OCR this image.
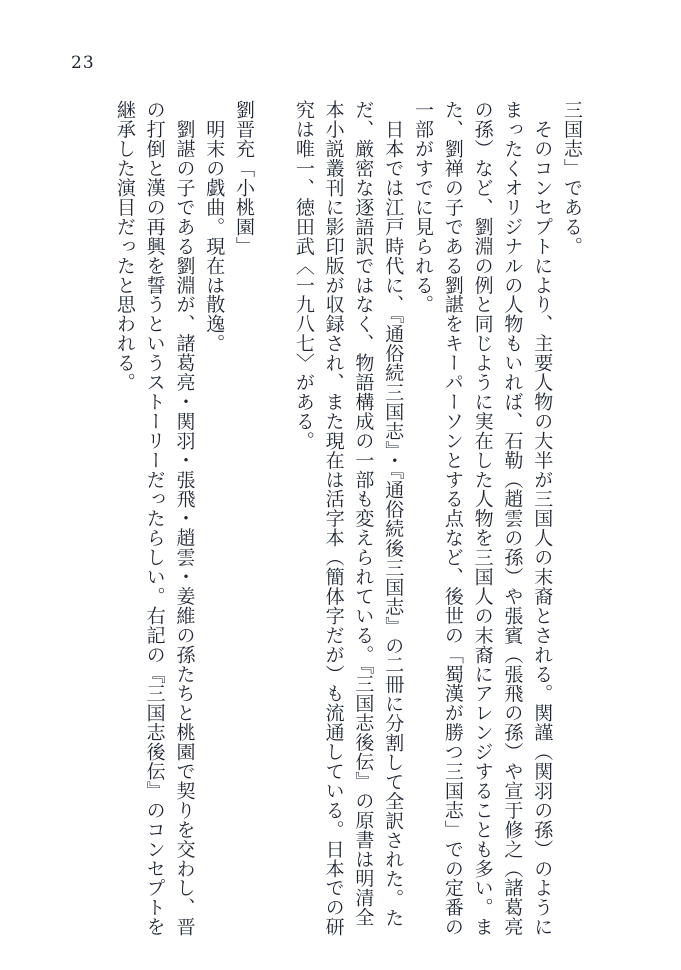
23
三国志」である。
　そのコンセプトにより、主要人物の大半が三国人の末裔とされる。関謹（関羽の孫）のように
まったくオリジナルの人物もいれば、石勒（趙雲の孫）や張賓（張飛の孫）や宣于修之（諸葛亮
の孫）など、劉淵の例と同じように実在した人物を三国人の末裔にアレンジすることも多い。ま
た、劉禅の子である劉諶をキーパーソンとする点など、後世の「蜀漢が勝つ三国志」での定番の
一部がすでに見られる。
　日本では江戸時代に、『通俗続三国志』・『通俗続後三国志』の二冊に分割して全訳された。た
だ、厳密な逐語訳ではなく、物語構成の一部も変えられている。『三国志後伝』の原書は明清全
本小説叢刊に影印版が収録され、また現在は活字本（簡体字だが）も流通している。日本での研
究は唯一、徳田武〈一九八七〉がある。
劉晋充「小桃園」
　明末の戯曲。現在は散逸。
　劉諶の子である劉淵が、諸葛亮・関羽・張飛・趙雲・姜維の孫たちと桃園で契りを交わし、晋
の打倒と漢の再興を誓うというストーリーだったらしい。右記の『三国志後伝』のコンセプトを
継承した演目だったと思われる。
